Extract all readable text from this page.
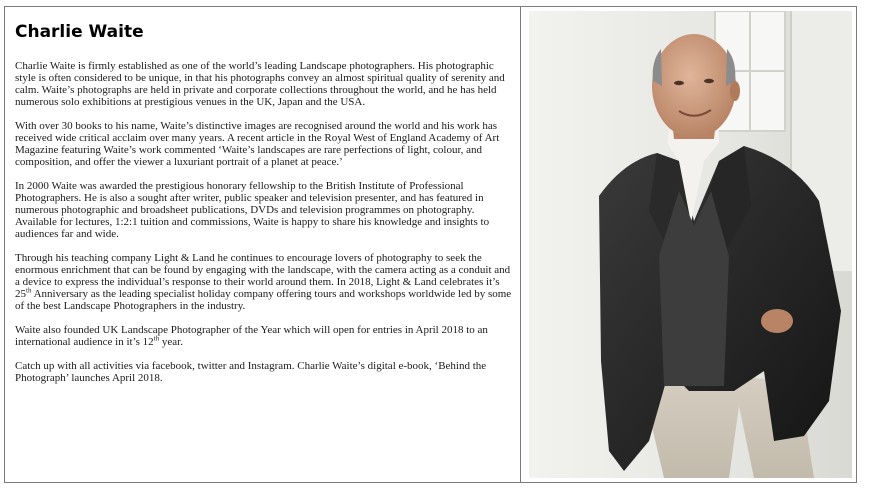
Charlie Waite

Charlie Waite is firmly established as one of the world’s leading Landscape photographers. His photographic style is often considered to be unique, in that his photographs convey an almost spiritual quality of serenity and calm. Waite’s photographs are held in private and corporate collections throughout the world, and he has held numerous solo exhibitions at prestigious venues in the UK, Japan and the USA.

With over 30 books to his name, Waite’s distinctive images are recognised around the world and his work has received wide critical acclaim over many years. A recent article in the Royal West of England Academy of Art Magazine featuring Waite’s work commented ‘Waite’s landscapes are rare perfections of light, colour, and composition, and offer the viewer a luxuriant portrait of a planet at peace.’

In 2000 Waite was awarded the prestigious honorary fellowship to the British Institute of Professional Photographers. He is also a sought after writer, public speaker and television presenter, and has featured in numerous photographic and broadsheet publications, DVDs and television programmes on photography. Available for lectures, 1:2:1 tuition and commissions, Waite is happy to share his knowledge and insights to audiences far and wide.

Through his teaching company Light & Land he continues to encourage lovers of photography to seek the enormous enrichment that can be found by engaging with the landscape, with the camera acting as a conduit and a device to express the individual’s response to their world around them. In 2018, Light & Land celebrates it’s 25th Anniversary as the leading specialist holiday company offering tours and workshops worldwide led by some of the best Landscape Photographers in the industry.

Waite also founded UK Landscape Photographer of the Year which will open for entries in April 2018 to an international audience in it’s 12th year.

Catch up with all activities via facebook, twitter and Instagram. Charlie Waite’s digital e-book, ‘Behind the Photograph’ launches April 2018.
